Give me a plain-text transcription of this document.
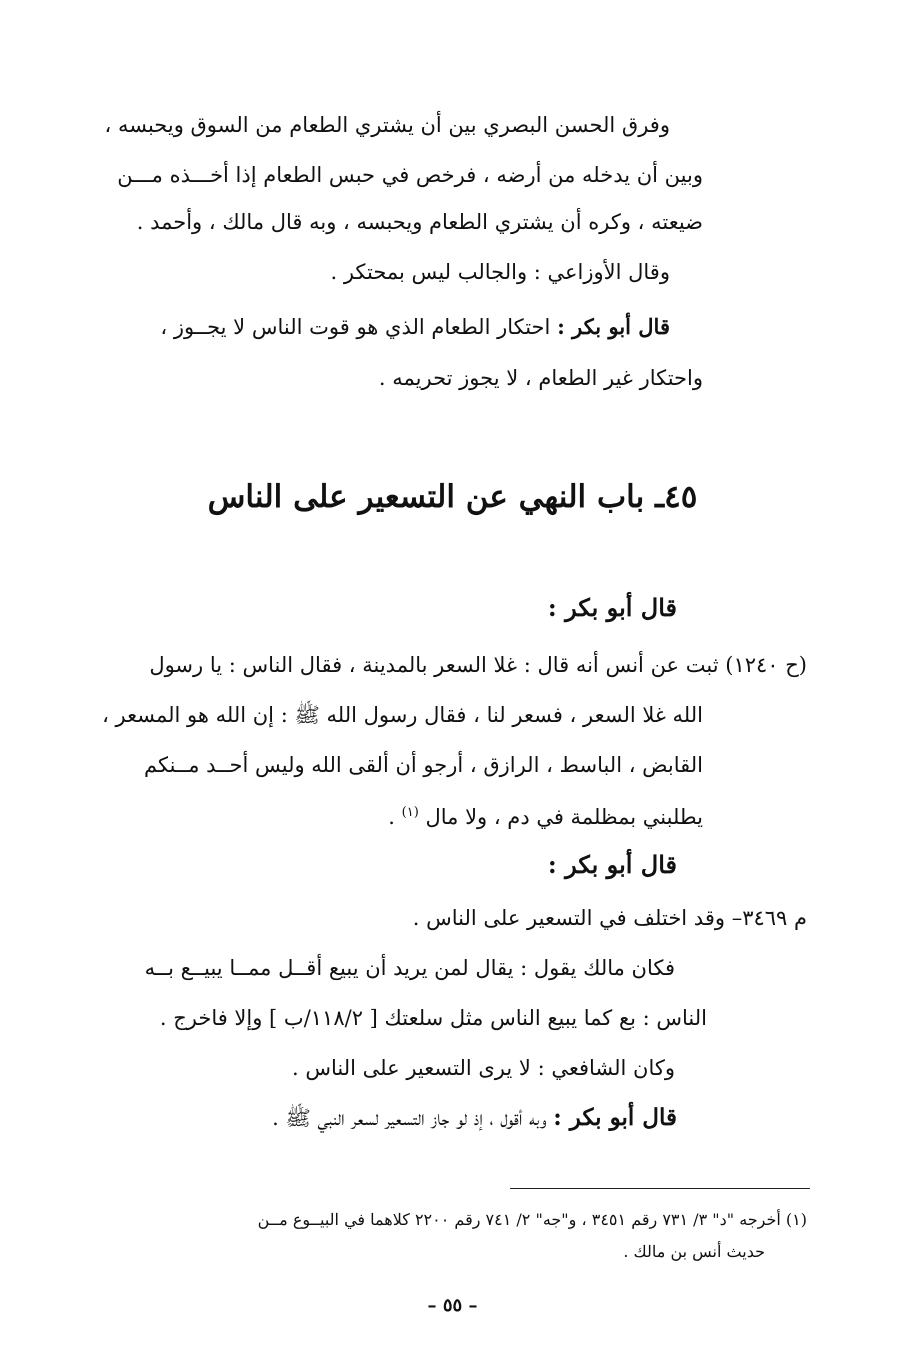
وفرق الحسن البصري بين أن يشتري الطعام من السوق ويحبسه ،
وبين أن يدخله من أرضه ، فرخص في حبس الطعام إذا أخـــذه مـــن
ضيعته ، وكره أن يشتري الطعام ويحبسه ، وبه قال مالك ، وأحمد .
وقال الأوزاعي : والجالب ليس بمحتكر .
قال أبو بكر : احتكار الطعام الذي هو قوت الناس لا يجــوز ،
واحتكار غير الطعام ، لا يجوز تحريمه .
٤٥ـ باب النهي عن التسعير على الناس
قال أبو بكر :
(ح ١٢٤٠) ثبت عن أنس أنه قال : غلا السعر بالمدينة ، فقال الناس : يا رسول
الله غلا السعر ، فسعر لنا ، فقال رسول الله ﷺ : إن الله هو المسعر ،
القابض ، الباسط ، الرازق ، أرجو أن ألقى الله وليس أحــد مــنكم
يطلبني بمظلمة في دم ، ولا مال $^{(١)}$ .
قال أبو بكر :
م ٣٤٦٩– وقد اختلف في التسعير على الناس .
فكان مالك يقول : يقال لمن يريد أن يبيع أقــل ممــا يبيــع بــه
الناس : بع كما يبيع الناس مثل سلعتك [ ١١٨/٢/ب ] وإلا فاخرج .
وكان الشافعي : لا يرى التسعير على الناس .
قال أبو بكر : وبه أقول ، إذ لو جاز التسعير لسعر النبي ﷺ .
(١) أخرجه "د" ٣/ ٧٣١ رقم ٣٤٥١ ، و"جه" ٢/ ٧٤١ رقم ٢٢٠٠ كلاهما في البيــوع مــن
حديث أنس بن مالك .
– ٥٥ –
